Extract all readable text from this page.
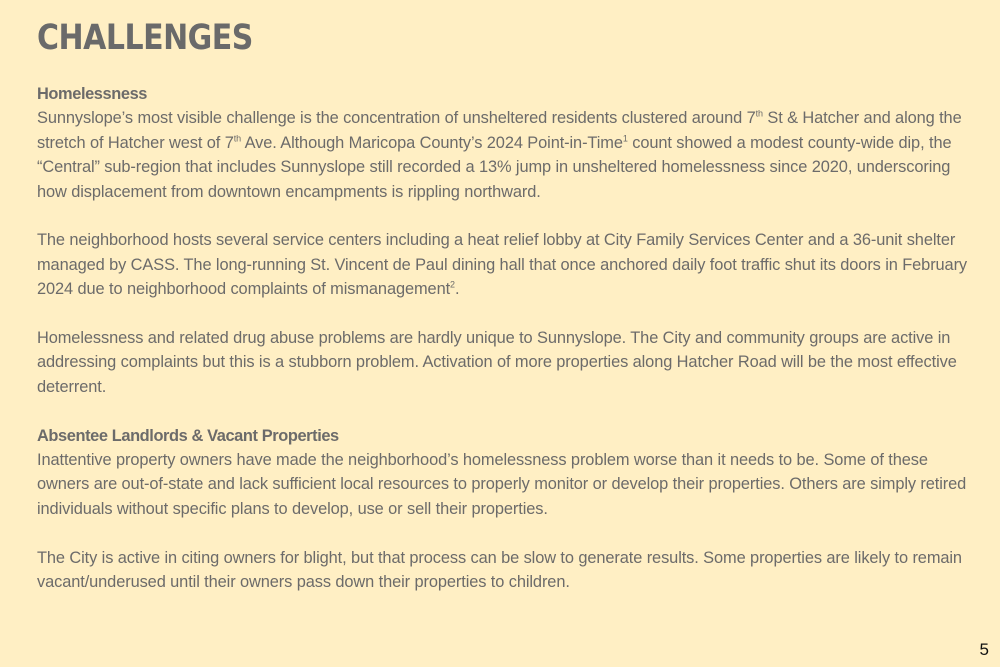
CHALLENGES
Homelessness

Sunnyslope’s most visible challenge is the concentration of unsheltered residents clustered around 7th St & Hatcher and along the stretch of Hatcher west of 7th Ave. Although Maricopa County’s 2024 Point-in-Time$^1$ count showed a modest county-wide dip, the “Central” sub-region that includes Sunnyslope still recorded a 13% jump in unsheltered homelessness since 2020, underscoring how displacement from downtown encampments is rippling northward.

The neighborhood hosts several service centers including a heat relief lobby at City Family Services Center and a 36-unit shelter managed by CASS. The long-running St. Vincent de Paul dining hall that once anchored daily foot traffic shut its doors in February 2024 due to neighborhood complaints of mismanagement$^2$.

Homelessness and related drug abuse problems are hardly unique to Sunnyslope. The City and community groups are active in addressing complaints but this is a stubborn problem. Activation of more properties along Hatcher Road will be the most effective deterrent.

Absentee Landlords & Vacant Properties

Inattentive property owners have made the neighborhood’s homelessness problem worse than it needs to be. Some of these owners are out-of-state and lack sufficient local resources to properly monitor or develop their properties. Others are simply retired individuals without specific plans to develop, use or sell their properties.

The City is active in citing owners for blight, but that process can be slow to generate results. Some properties are likely to remain vacant/underused until their owners pass down their properties to children.

5
